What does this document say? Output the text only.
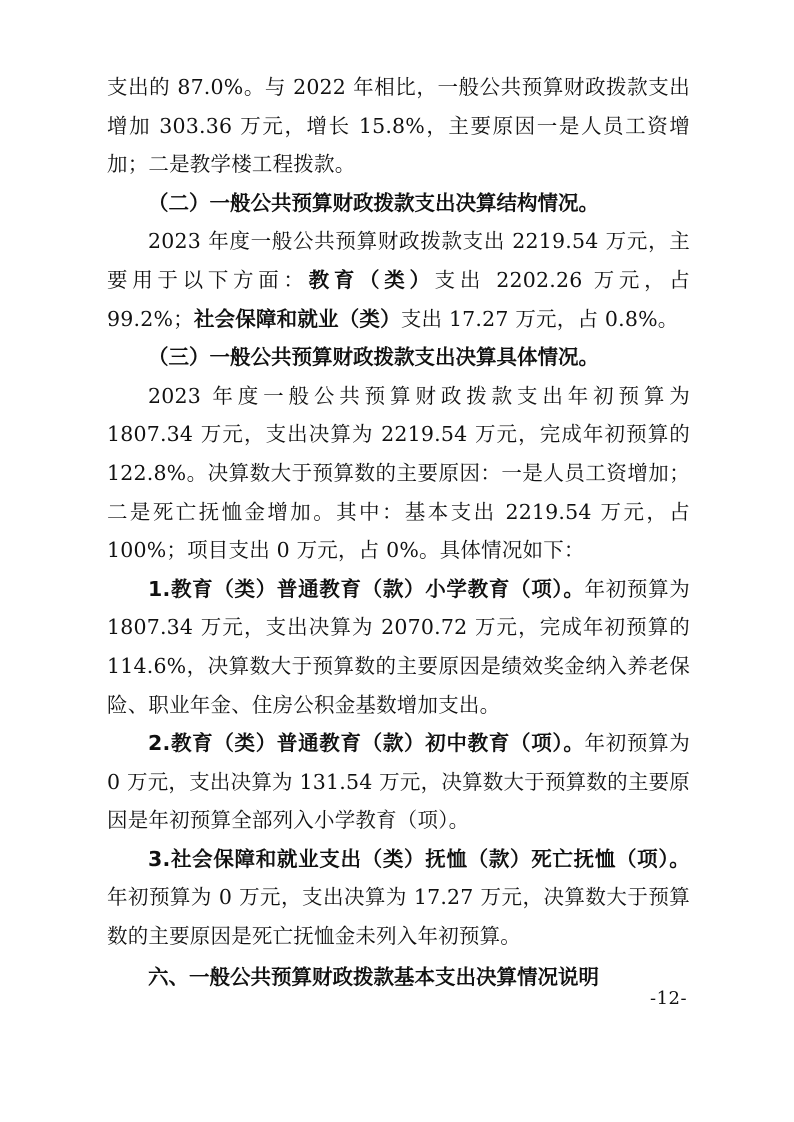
支出的 87.0%。与 2022 年相比，一般公共预算财政拨款支出增加 303.36 万元，增长 15.8%，主要原因一是人员工资增加；二是教学楼工程拨款。

（二）一般公共预算财政拨款支出决算结构情况。

2023 年度一般公共预算财政拨款支出 2219.54 万元，主要用于以下方面：教育（类）支出 2202.26 万元，占 99.2%；社会保障和就业（类）支出 17.27 万元，占 0.8%。

（三）一般公共预算财政拨款支出决算具体情况。

2023 年度一般公共预算财政拨款支出年初预算为 1807.34 万元，支出决算为 2219.54 万元，完成年初预算的 122.8%。决算数大于预算数的主要原因：一是人员工资增加；二是死亡抚恤金增加。其中：基本支出 2219.54 万元，占 100%；项目支出 0 万元，占 0%。具体情况如下：

1.教育（类）普通教育（款）小学教育（项）。年初预算为 1807.34 万元，支出决算为 2070.72 万元，完成年初预算的 114.6%，决算数大于预算数的主要原因是绩效奖金纳入养老保险、职业年金、住房公积金基数增加支出。

2.教育（类）普通教育（款）初中教育（项）。年初预算为 0 万元，支出决算为 131.54 万元，决算数大于预算数的主要原因是年初预算全部列入小学教育（项）。

3.社会保障和就业支出（类）抚恤（款）死亡抚恤（项）。年初预算为 0 万元，支出决算为 17.27 万元，决算数大于预算数的主要原因是死亡抚恤金未列入年初预算。

六、一般公共预算财政拨款基本支出决算情况说明

-12-
